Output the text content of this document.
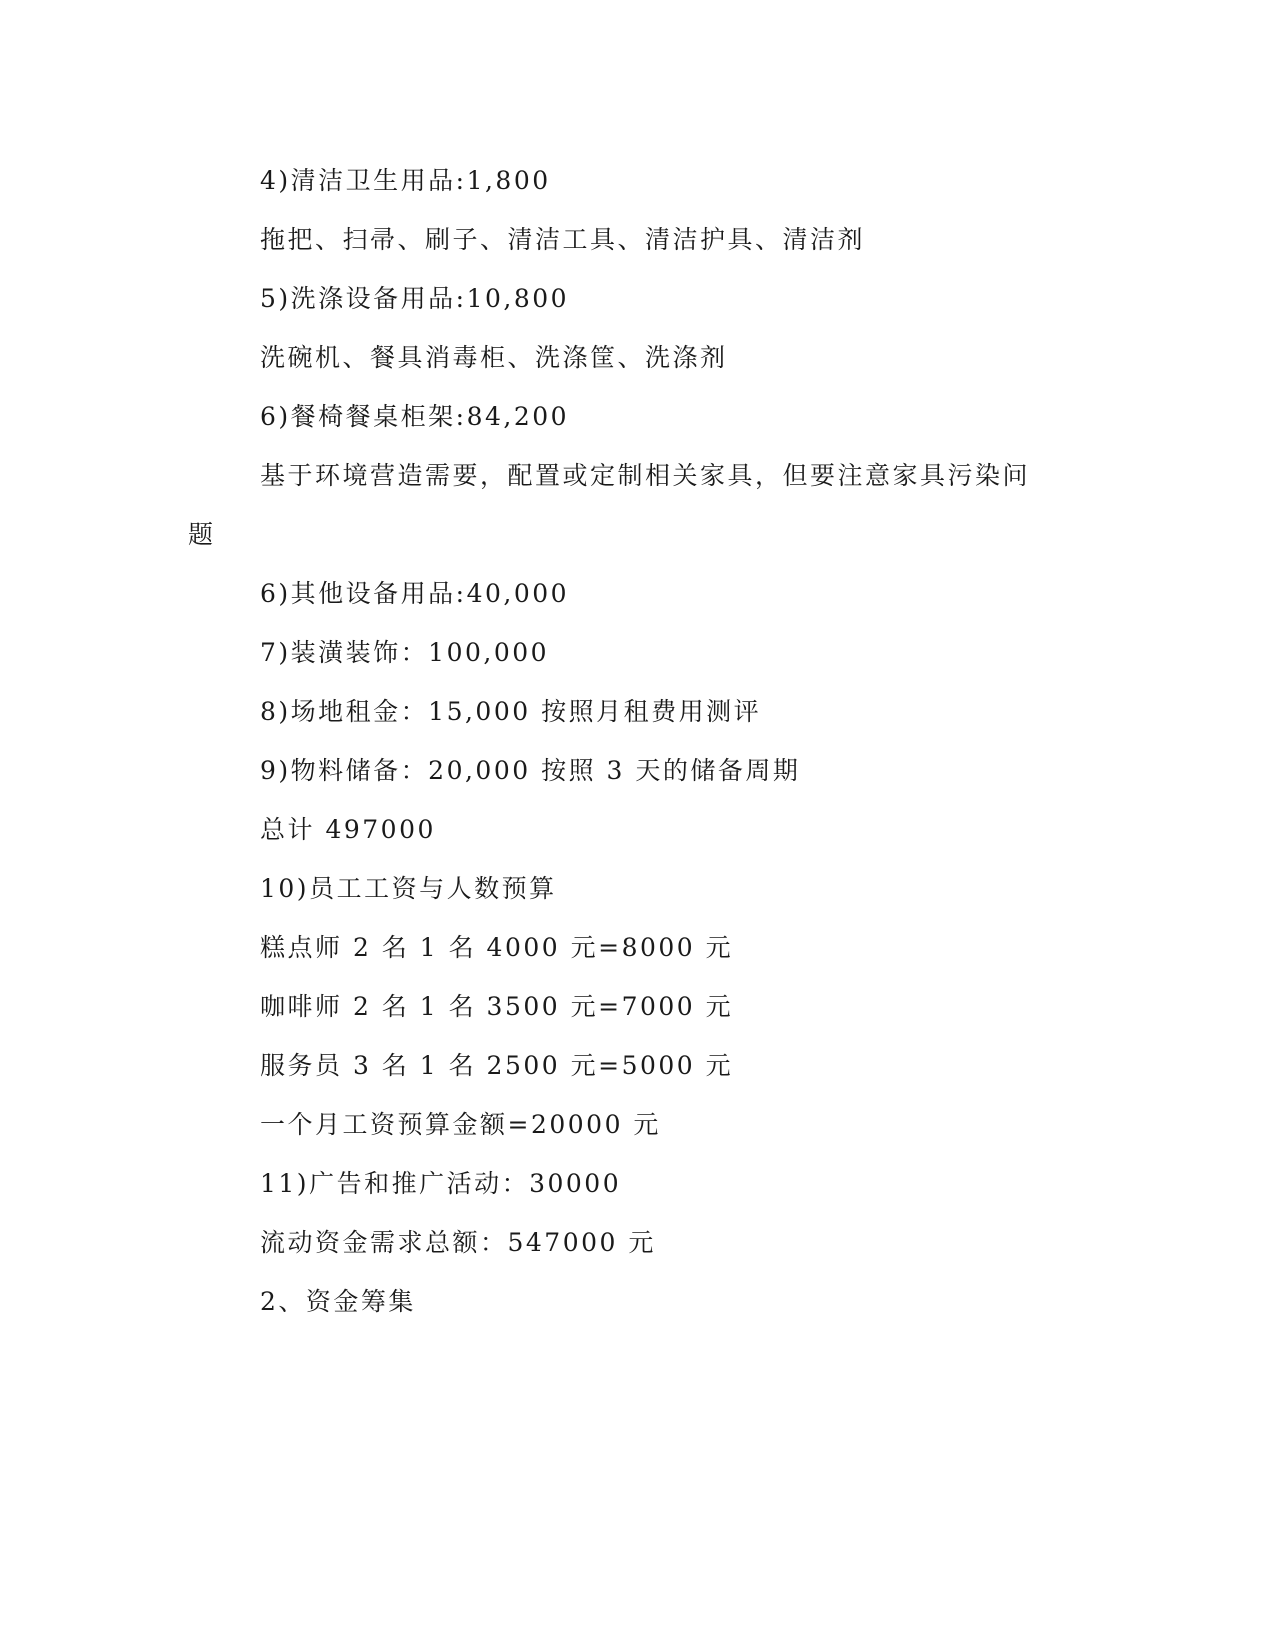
4)清洁卫生用品:1,800
拖把、扫帚、刷子、清洁工具、清洁护具、清洁剂
5)洗涤设备用品:10,800
洗碗机、餐具消毒柜、洗涤筐、洗涤剂
6)餐椅餐桌柜架:84,200
基于环境营造需要，配置或定制相关家具，但要注意家具污染问
题
6)其他设备用品:40,000
7)装潢装饰：100,000
8)场地租金：15,000 按照月租费用测评
9)物料储备：20,000 按照 3 天的储备周期
总计 497000
10)员工工资与人数预算
糕点师 2 名 1 名 4000 元=8000 元
咖啡师 2 名 1 名 3500 元=7000 元
服务员 3 名 1 名 2500 元=5000 元
一个月工资预算金额=20000 元
11)广告和推广活动：30000
流动资金需求总额：547000 元
2、资金筹集
